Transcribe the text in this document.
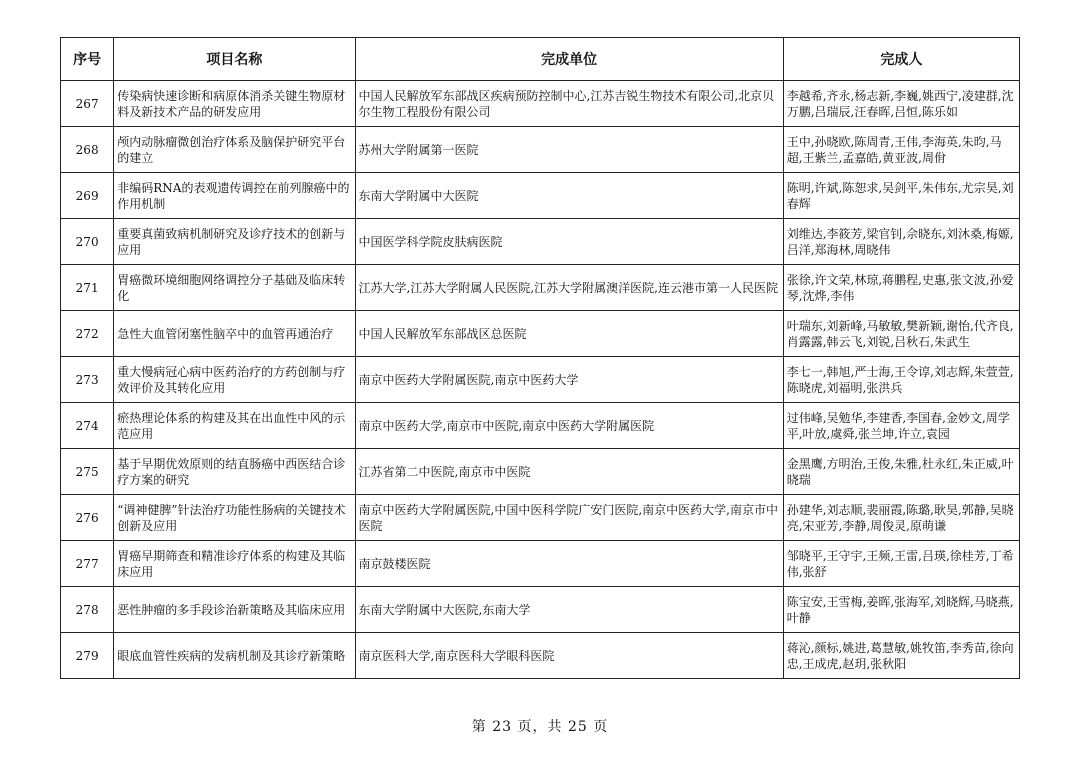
序号	项目名称	完成单位	完成人
267	传染病快速诊断和病原体消杀关键生物原材料及新技术产品的研发应用	中国人民解放军东部战区疾病预防控制中心,江苏吉锐生物技术有限公司,北京贝尔生物工程股份有限公司	李越希,齐永,杨志新,李巍,姚西宁,凌建群,沈万鹏,吕瑞辰,汪春晖,吕恒,陈乐如
268	颅内动脉瘤微创治疗体系及脑保护研究平台的建立	苏州大学附属第一医院	王中,孙晓欧,陈周青,王伟,李海英,朱昀,马超,王紫兰,孟嘉皓,黄亚波,周佾
269	非编码RNA的表观遗传调控在前列腺癌中的作用机制	东南大学附属中大医院	陈明,许斌,陈恕求,吴剑平,朱伟东,尤宗昊,刘春辉
270	重要真菌致病机制研究及诊疗技术的创新与应用	中国医学科学院皮肤病医院	刘维达,李筱芳,梁官钊,佘晓东,刘沐桑,梅嫄,吕洋,郑海林,周晓伟
271	胃癌微环境细胞网络调控分子基础及临床转化	江苏大学,江苏大学附属人民医院,江苏大学附属澳洋医院,连云港市第一人民医院	张徐,许文荣,林琼,蒋鹏程,史惠,张文波,孙爱琴,沈烨,李伟
272	急性大血管闭塞性脑卒中的血管再通治疗	中国人民解放军东部战区总医院	叶瑞东,刘新峰,马敏敏,樊新颖,谢怡,代齐良,肖露露,韩云飞,刘锐,吕秋石,朱武生
273	重大慢病冠心病中医药治疗的方药创制与疗效评价及其转化应用	南京中医药大学附属医院,南京中医药大学	李七一,韩旭,严士海,王令谆,刘志辉,朱萱萱,陈晓虎,刘福明,张洪兵
274	瘀热理论体系的构建及其在出血性中风的示范应用	南京中医药大学,南京市中医院,南京中医药大学附属医院	过伟峰,吴勉华,李建香,李国春,金妙文,周学平,叶放,虞舜,张兰坤,许立,袁园
275	基于早期优效原则的结直肠癌中西医结合诊疗方案的研究	江苏省第二中医院,南京市中医院	金黑鹰,方明治,王俊,朱雅,杜永红,朱正威,叶晓瑞
276	“调神健脾”针法治疗功能性肠病的关键技术创新及应用	南京中医药大学附属医院,中国中医科学院广安门医院,南京中医药大学,南京市中医院	孙建华,刘志顺,裴丽霞,陈璐,耿昊,郭静,吴晓亮,宋亚芳,李静,周俊灵,原萌谦
277	胃癌早期筛查和精准诊疗体系的构建及其临床应用	南京鼓楼医院	邹晓平,王守宇,王频,王雷,吕瑛,徐桂芳,丁希伟,张舒
278	恶性肿瘤的多手段诊治新策略及其临床应用	东南大学附属中大医院,东南大学	陈宝安,王雪梅,姜晖,张海军,刘晓辉,马晓燕,叶静
279	眼底血管性疾病的发病机制及其诊疗新策略	南京医科大学,南京医科大学眼科医院	蒋沁,颜标,姚进,葛慧敏,姚牧笛,李秀苗,徐向忠,王成虎,赵玥,张秋阳
第 23 页，共 25 页
